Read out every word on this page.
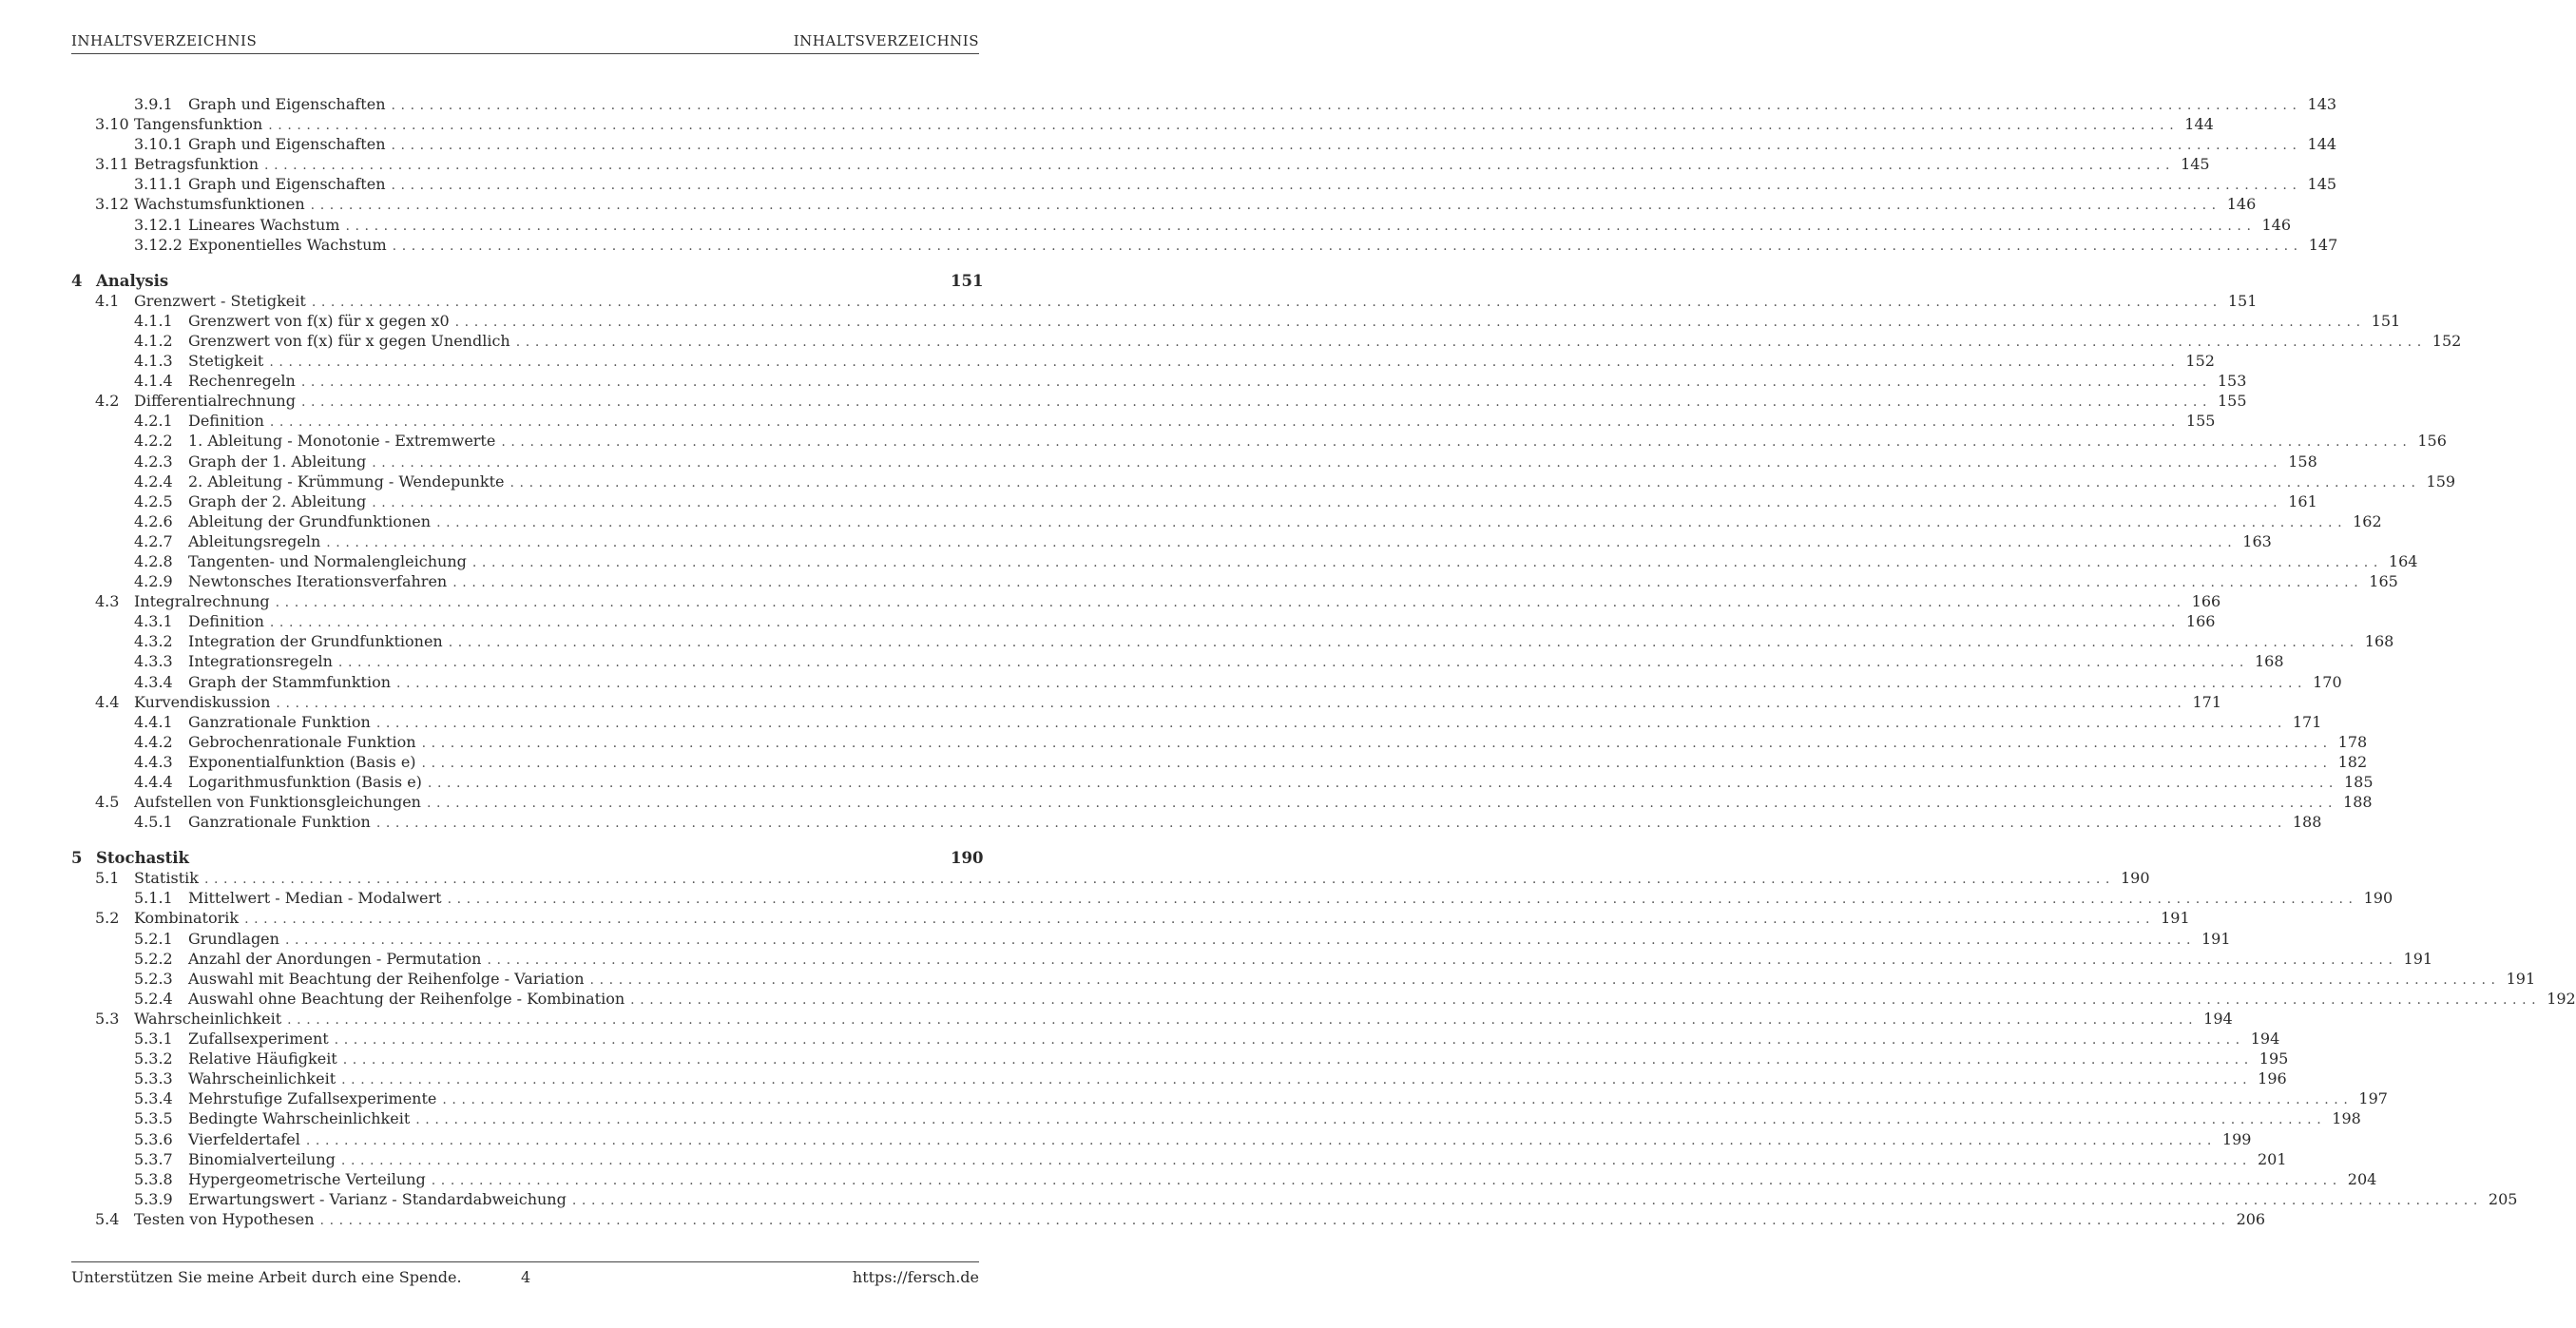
INHALTSVERZEICHNIS	INHALTSVERZEICHNIS
3.9.1	Graph und Eigenschaften ........................................................................................................................................................................................................ 143
3.10 Tangensfunktion ........................................................................................................................................................................................................ 144
3.10.1 Graph und Eigenschaften ........................................................................................................................................................................................................ 144
3.11 Betragsfunktion ........................................................................................................................................................................................................ 145
3.11.1 Graph und Eigenschaften ........................................................................................................................................................................................................ 145
3.12 Wachstumsfunktionen ........................................................................................................................................................................................................ 146
3.12.1 Lineares Wachstum ........................................................................................................................................................................................................ 146
3.12.2 Exponentielles Wachstum ........................................................................................................................................................................................................ 147
4 Analysis	151
4.1 Grenzwert - Stetigkeit ........................................................................................................................................................................................................ 151
4.1.1	Grenzwert von f(x) für x gegen x0 ........................................................................................................................................................................................................ 151
4.1.2	Grenzwert von f(x) für x gegen Unendlich ........................................................................................................................................................................................................ 152
4.1.3	Stetigkeit ........................................................................................................................................................................................................ 152
4.1.4	Rechenregeln ........................................................................................................................................................................................................ 153
4.2 Differentialrechnung ........................................................................................................................................................................................................ 155
4.2.1	Definition ........................................................................................................................................................................................................ 155
4.2.2	1. Ableitung - Monotonie - Extremwerte ........................................................................................................................................................................................................ 156
4.2.3	Graph der 1. Ableitung ........................................................................................................................................................................................................ 158
4.2.4	2. Ableitung - Krümmung - Wendepunkte ........................................................................................................................................................................................................ 159
4.2.5	Graph der 2. Ableitung ........................................................................................................................................................................................................ 161
4.2.6	Ableitung der Grundfunktionen ........................................................................................................................................................................................................ 162
4.2.7	Ableitungsregeln ........................................................................................................................................................................................................ 163
4.2.8	Tangenten- und Normalengleichung ........................................................................................................................................................................................................ 164
4.2.9	Newtonsches Iterationsverfahren ........................................................................................................................................................................................................ 165
4.3 Integralrechnung ........................................................................................................................................................................................................ 166
4.3.1	Definition ........................................................................................................................................................................................................ 166
4.3.2	Integration der Grundfunktionen ........................................................................................................................................................................................................ 168
4.3.3	Integrationsregeln ........................................................................................................................................................................................................ 168
4.3.4	Graph der Stammfunktion ........................................................................................................................................................................................................ 170
4.4 Kurvendiskussion ........................................................................................................................................................................................................ 171
4.4.1	Ganzrationale Funktion ........................................................................................................................................................................................................ 171
4.4.2	Gebrochenrationale Funktion ........................................................................................................................................................................................................ 178
4.4.3	Exponentialfunktion (Basis e) ........................................................................................................................................................................................................ 182
4.4.4	Logarithmusfunktion (Basis e) ........................................................................................................................................................................................................ 185
4.5 Aufstellen von Funktionsgleichungen ........................................................................................................................................................................................................ 188
4.5.1	Ganzrationale Funktion ........................................................................................................................................................................................................ 188
5 Stochastik	190
5.1 Statistik ........................................................................................................................................................................................................ 190
5.1.1	Mittelwert - Median - Modalwert ........................................................................................................................................................................................................ 190
5.2 Kombinatorik ........................................................................................................................................................................................................ 191
5.2.1	Grundlagen ........................................................................................................................................................................................................ 191
5.2.2	Anzahl der Anordungen - Permutation ........................................................................................................................................................................................................ 191
5.2.3	Auswahl mit Beachtung der Reihenfolge - Variation ........................................................................................................................................................................................................ 191
5.2.4	Auswahl ohne Beachtung der Reihenfolge - Kombination ........................................................................................................................................................................................................ 192
5.3 Wahrscheinlichkeit ........................................................................................................................................................................................................ 194
5.3.1	Zufallsexperiment ........................................................................................................................................................................................................ 194
5.3.2	Relative Häufigkeit ........................................................................................................................................................................................................ 195
5.3.3	Wahrscheinlichkeit ........................................................................................................................................................................................................ 196
5.3.4	Mehrstufige Zufallsexperimente ........................................................................................................................................................................................................ 197
5.3.5	Bedingte Wahrscheinlichkeit ........................................................................................................................................................................................................ 198
5.3.6	Vierfeldertafel ........................................................................................................................................................................................................ 199
5.3.7	Binomialverteilung ........................................................................................................................................................................................................ 201
5.3.8	Hypergeometrische Verteilung ........................................................................................................................................................................................................ 204
5.3.9	Erwartungswert - Varianz - Standardabweichung ........................................................................................................................................................................................................ 205
5.4 Testen von Hypothesen ........................................................................................................................................................................................................ 206
Unterstützen Sie meine Arbeit durch eine Spende.	4	https://fersch.de
